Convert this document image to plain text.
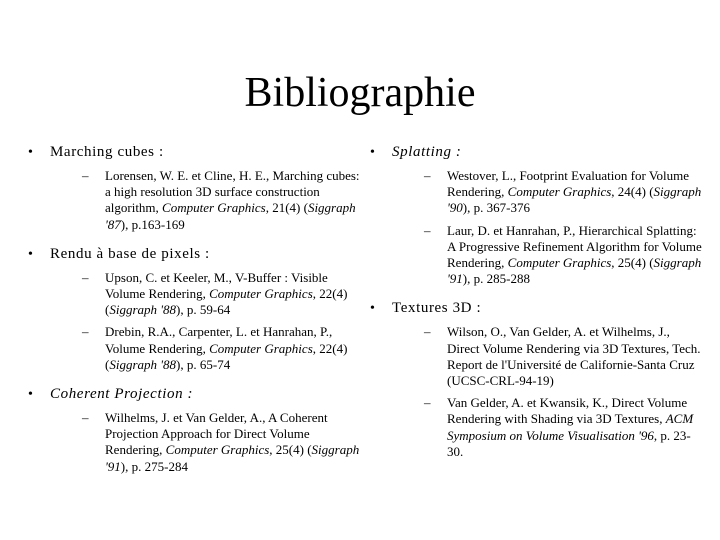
Bibliographie
• Marching cubes :
– Lorensen, W. E. et Cline, H. E., Marching cubes: a high resolution 3D surface construction algorithm, Computer Graphics, 21(4) (Siggraph '87), p.163-169
• Rendu à base de pixels :
– Upson, C. et Keeler, M., V-Buffer : Visible Volume Rendering, Computer Graphics, 22(4) (Siggraph '88), p. 59-64
– Drebin, R.A., Carpenter, L. et Hanrahan, P., Volume Rendering, Computer Graphics, 22(4) (Siggraph '88), p. 65-74
• Coherent Projection :
– Wilhelms, J. et Van Gelder, A., A Coherent Projection Approach for Direct Volume Rendering, Computer Graphics, 25(4) (Siggraph '91), p. 275-284
• Splatting :
– Westover, L., Footprint Evaluation for Volume Rendering, Computer Graphics, 24(4) (Siggraph '90), p. 367-376
– Laur, D. et Hanrahan, P., Hierarchical Splatting: A Progressive Refinement Algorithm for Volume Rendering, Computer Graphics, 25(4) (Siggraph '91), p. 285-288
• Textures 3D :
– Wilson, O., Van Gelder, A. et Wilhelms, J., Direct Volume Rendering via 3D Textures, Tech. Report de l'Université de Californie-Santa Cruz (UCSC-CRL-94-19)
– Van Gelder, A. et Kwansik, K., Direct Volume Rendering with Shading via 3D Textures, ACM Symposium on Volume Visualisation '96, p. 23-30.
